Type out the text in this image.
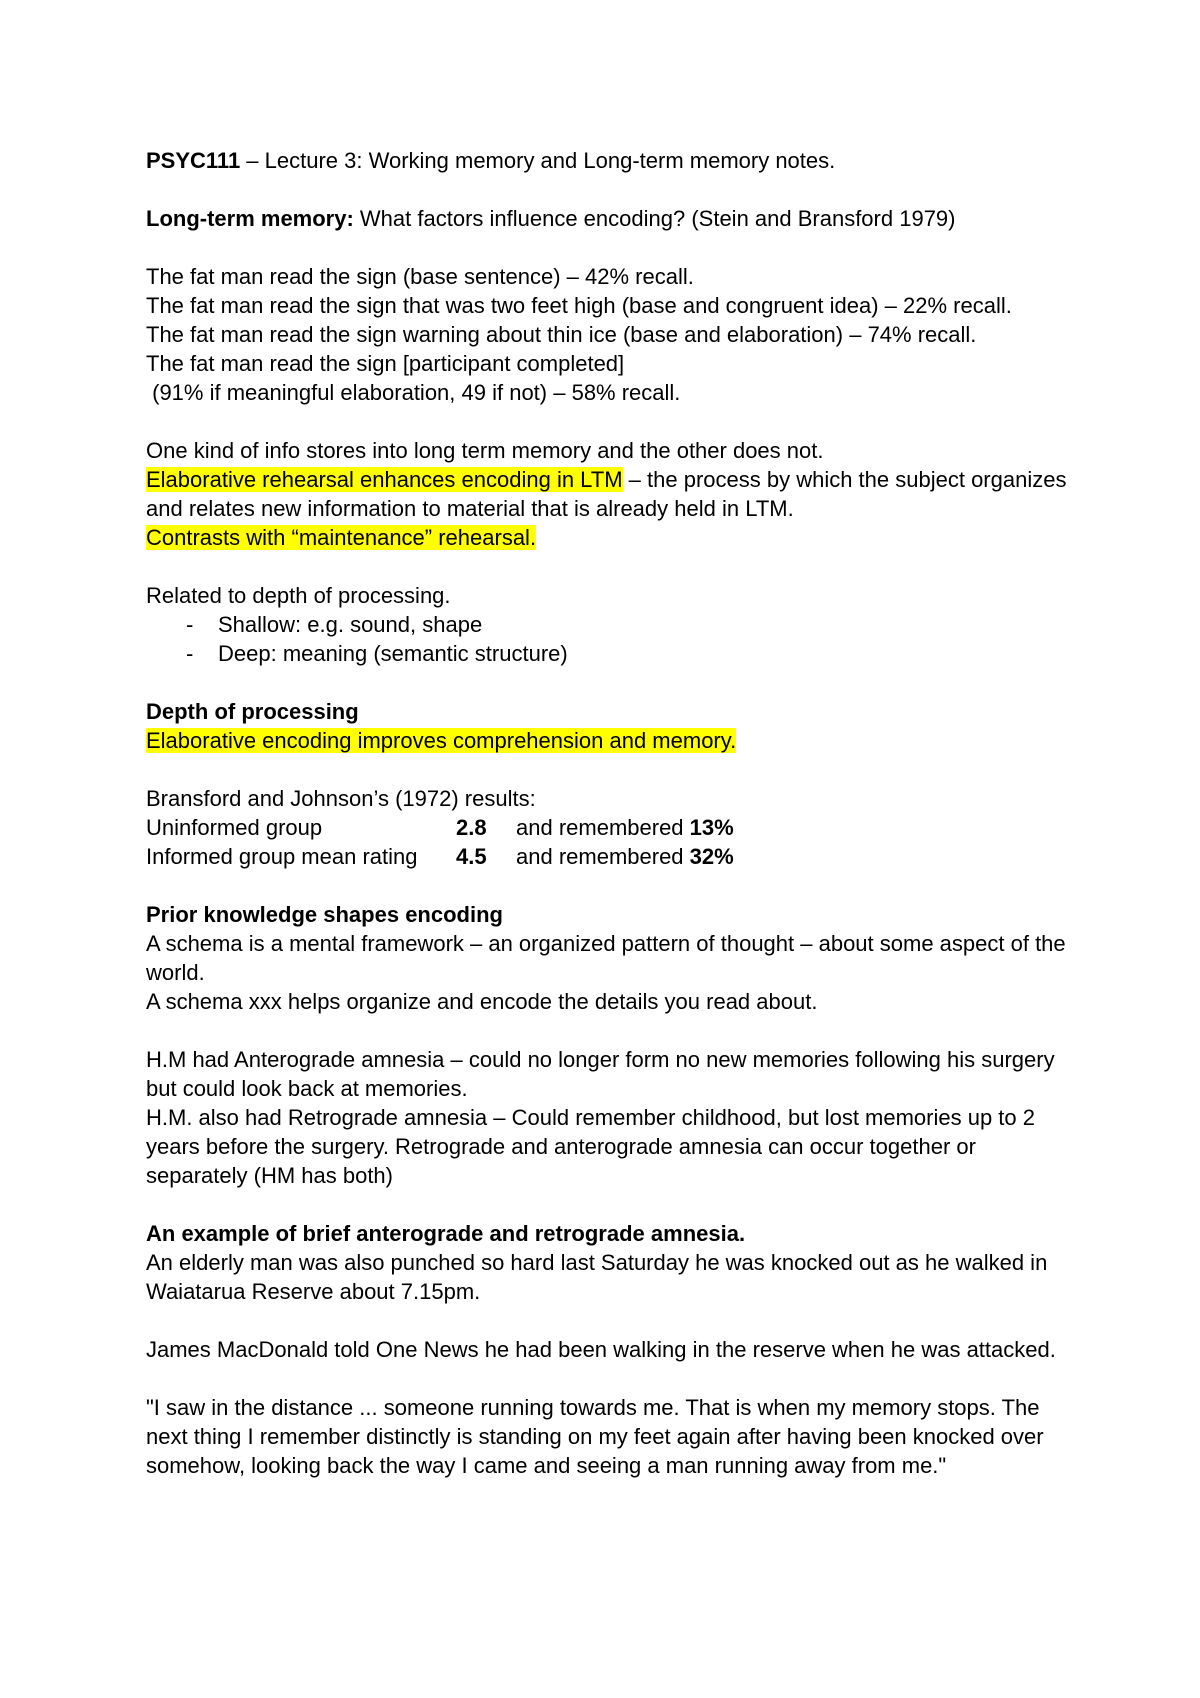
PSYC111 – Lecture 3: Working memory and Long-term memory notes.

Long-term memory: What factors influence encoding? (Stein and Bransford 1979)

The fat man read the sign (base sentence) – 42% recall.

The fat man read the sign that was two feet high (base and congruent idea) – 22% recall.

The fat man read the sign warning about thin ice (base and elaboration) – 74% recall.

The fat man read the sign [participant completed]

(91% if meaningful elaboration, 49 if not) – 58% recall.

One kind of info stores into long term memory and the other does not.

Elaborative rehearsal enhances encoding in LTM – the process by which the subject organizes and relates new information to material that is already held in LTM.

Contrasts with “maintenance” rehearsal.

Related to depth of processing.

-	Shallow: e.g. sound, shape
-	Deep: meaning (semantic structure)

Depth of processing

Elaborative encoding improves comprehension and memory.

Bransford and Johnson’s (1972) results:

Uninformed group	2.8	and remembered 13%
Informed group mean rating	4.5	and remembered 32%

Prior knowledge shapes encoding

A schema is a mental framework – an organized pattern of thought – about some aspect of the world.

A schema xxx helps organize and encode the details you read about.

H.M had Anterograde amnesia – could no longer form no new memories following his surgery but could look back at memories.

H.M. also had Retrograde amnesia – Could remember childhood, but lost memories up to 2 years before the surgery. Retrograde and anterograde amnesia can occur together or separately (HM has both)

An example of brief anterograde and retrograde amnesia.

An elderly man was also punched so hard last Saturday he was knocked out as he walked in Waiatarua Reserve about 7.15pm.

James MacDonald told One News he had been walking in the reserve when he was attacked.

"I saw in the distance ... someone running towards me. That is when my memory stops. The next thing I remember distinctly is standing on my feet again after having been knocked over somehow, looking back the way I came and seeing a man running away from me."
